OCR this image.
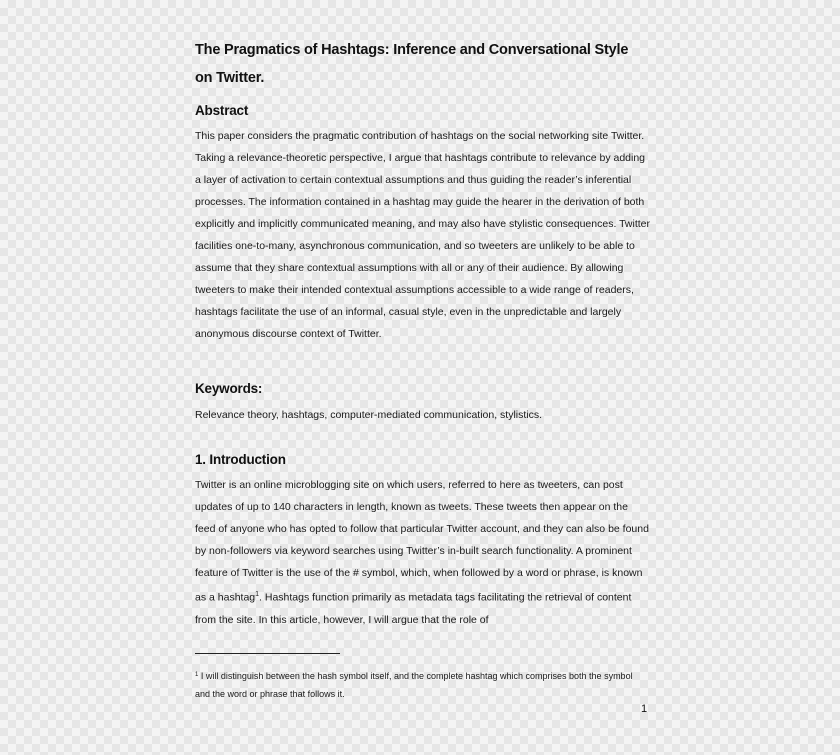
The Pragmatics of Hashtags: Inference and Conversational Style on Twitter.
Abstract

This paper considers the pragmatic contribution of hashtags on the social networking site Twitter. Taking a relevance-theoretic perspective, I argue that hashtags contribute to relevance by adding a layer of activation to certain contextual assumptions and thus guiding the reader’s inferential processes. The information contained in a hashtag may guide the hearer in the derivation of both explicitly and implicitly communicated meaning, and may also have stylistic consequences. Twitter facilities one-to-many, asynchronous communication, and so tweeters are unlikely to be able to assume that they share contextual assumptions with all or any of their audience. By allowing tweeters to make their intended contextual assumptions accessible to a wide range of readers, hashtags facilitate the use of an informal, casual style, even in the unpredictable and largely anonymous discourse context of Twitter.

Keywords:

Relevance theory, hashtags, computer-mediated communication, stylistics.

1. Introduction

Twitter is an online microblogging site on which users, referred to here as tweeters, can post updates of up to 140 characters in length, known as tweets. These tweets then appear on the feed of anyone who has opted to follow that particular Twitter account, and they can also be found by non-followers via keyword searches using Twitter’s in-built search functionality. A prominent feature of Twitter is the use of the # symbol, which, when followed by a word or phrase, is known as a hashtag$^1$. Hashtags function primarily as metadata tags facilitating the retrieval of content from the site. In this article, however, I will argue that the role of

$^1$ I will distinguish between the hash symbol itself, and the complete hashtag which comprises both the symbol and the word or phrase that follows it.

1
